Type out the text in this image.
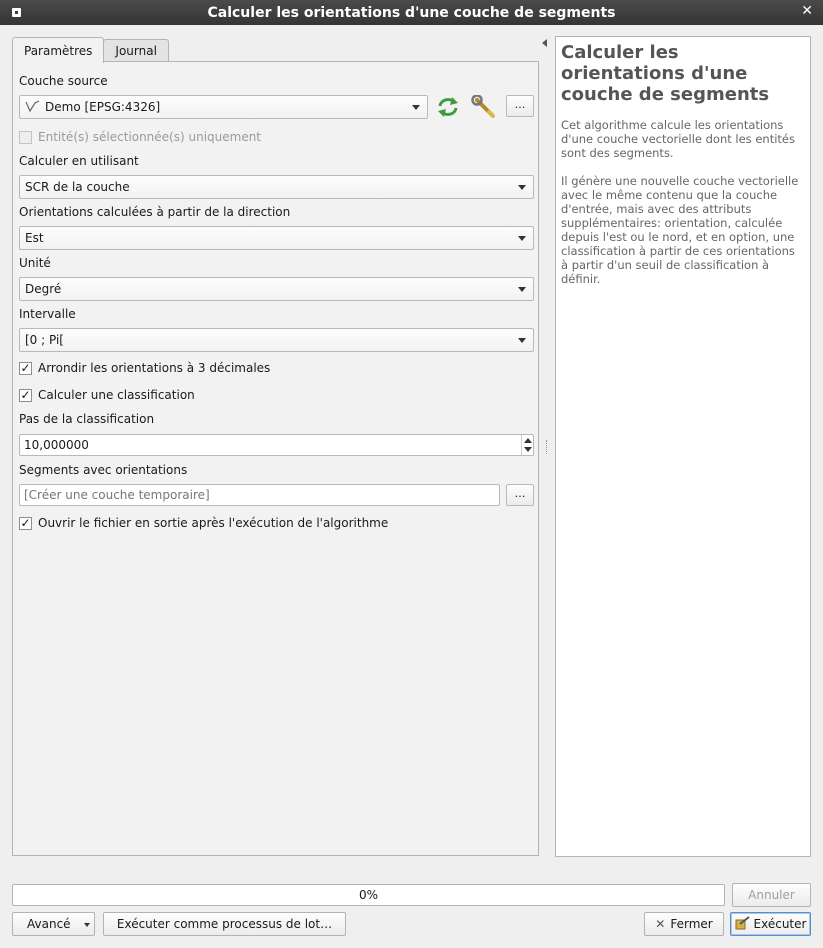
Calculer les orientations d'une couche de segments	✕
Paramètres	Journal
Couche source
Demo [EPSG:4326]	…
Entité(s) sélectionnée(s) uniquement
Calculer en utilisant
SCR de la couche
Orientations calculées à partir de la direction
Est
Unité
Degré
Intervalle
[0 ; Pi[
✓ Arrondir les orientations à 3 décimales
✓ Calculer une classification
Pas de la classification
10,000000
Segments avec orientations
[Créer une couche temporaire]	…
✓ Ouvrir le fichier en sortie après l'exécution de l'algorithme
Calculer les orientations d'une couche de segments

Cet algorithme calcule les orientations d'une couche vectorielle dont les entités sont des segments.

Il génère une nouvelle couche vectorielle avec le même contenu que la couche d'entrée, mais avec des attributs supplémentaires: orientation, calculée depuis l'est ou le nord, et en option, une classification à partir de ces orientations à partir d'un seuil de classification à définir.

0%	Annuler
Avancé	Exécuter comme processus de lot…	✕ Fermer	Exécuter
